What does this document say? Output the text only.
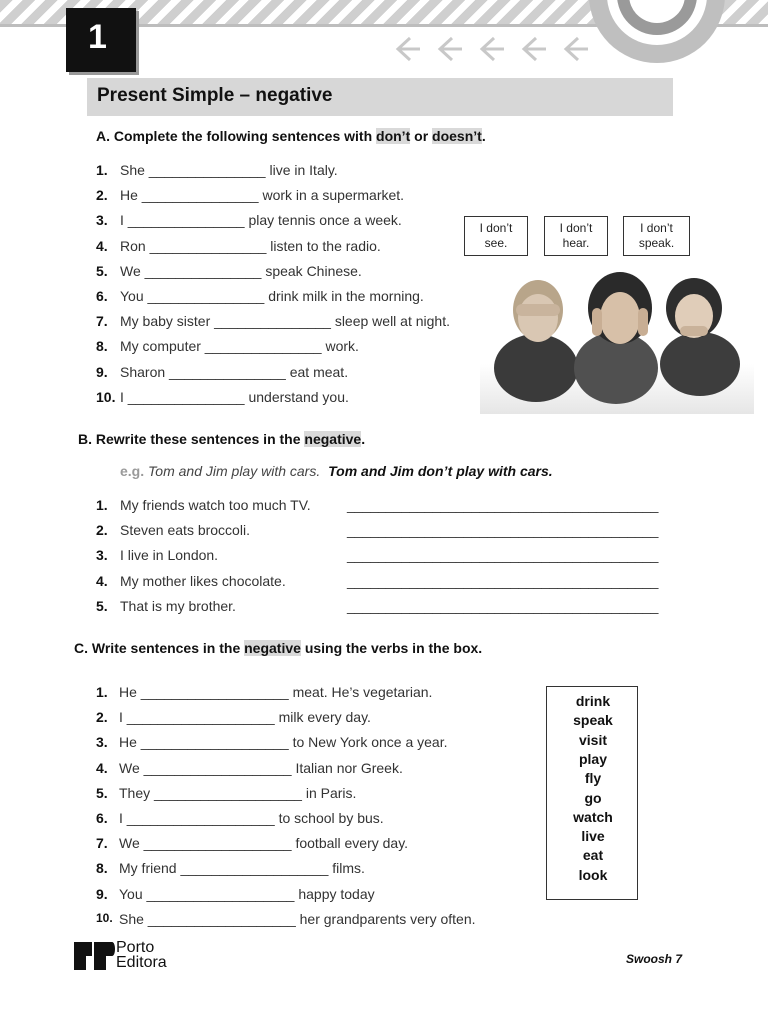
1
Present Simple – negative
A. Complete the following sentences with don’t or doesn’t.
1. She _______________ live in Italy.
2. He _______________ work in a supermarket.
3. I _______________ play tennis once a week.
4. Ron _______________ listen to the radio.
5. We _______________ speak Chinese.
6. You _______________ drink milk in the morning.
7. My baby sister _______________ sleep well at night.
8. My computer _______________ work.
9. Sharon _______________ eat meat.
10. I _______________ understand you.
I don’t
see.
I don’t
hear.
I don’t
speak.
B. Rewrite these sentences in the negative.
e.g. Tom and Jim play with cars. Tom and Jim don’t play with cars.
1. My friends watch too much TV.
2. Steven eats broccoli.
3. I live in London.
4. My mother likes chocolate.
5. That is my brother.
________________________________________
________________________________________
________________________________________
________________________________________
________________________________________
C. Write sentences in the negative using the verbs in the box.
1. He ___________________ meat. He’s vegetarian.
2. I ___________________ milk every day.
3. He ___________________ to New York once a year.
4. We ___________________ Italian nor Greek.
5. They ___________________ in Paris.
6. I ___________________ to school by bus.
7. We ___________________ football every day.
8. My friend ___________________ films.
9. You ___________________ happy today
10. She ___________________ her grandparents very often.
drink
speak
visit
play
fly
go
watch
live
eat
look
Porto
Editora	Swoosh 7
